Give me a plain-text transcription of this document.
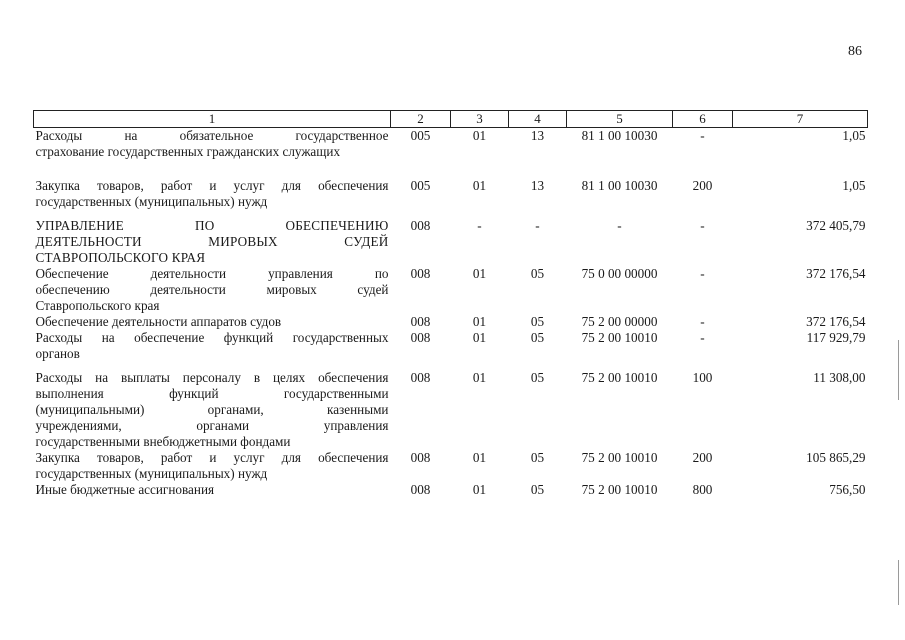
86
1	2	3	4	5	6	7

Расходы на обязательное государственное
страхование государственных гражданских служащих	005	01	13	81 1 00 10030	-	1,05

Закупка товаров, работ и услуг для обеспечения
государственных (муниципальных) нужд	005	01	13	81 1 00 10030	200	1,05

УПРАВЛЕНИЕ ПО ОБЕСПЕЧЕНИЮ
ДЕЯТЕЛЬНОСТИ МИРОВЫХ СУДЕЙ
СТАВРОПОЛЬСКОГО КРАЯ	008	-	-	-	-	372 405,79

Обеспечение деятельности управления по
обеспечению деятельности мировых судей
Ставропольского края	008	01	05	75 0 00 00000	-	372 176,54

Обеспечение деятельности аппаратов судов	008	01	05	75 2 00 00000	-	372 176,54

Расходы на обеспечение функций государственных
органов	008	01	05	75 2 00 10010	-	117 929,79

Расходы на выплаты персоналу в целях обеспечения
выполнения функций государственными
(муниципальными) органами, казенными
учреждениями, органами управления
государственными внебюджетными фондами	008	01	05	75 2 00 10010	100	11 308,00

Закупка товаров, работ и услуг для обеспечения
государственных (муниципальных) нужд	008	01	05	75 2 00 10010	200	105 865,29

Иные бюджетные ассигнования	008	01	05	75 2 00 10010	800	756,50
